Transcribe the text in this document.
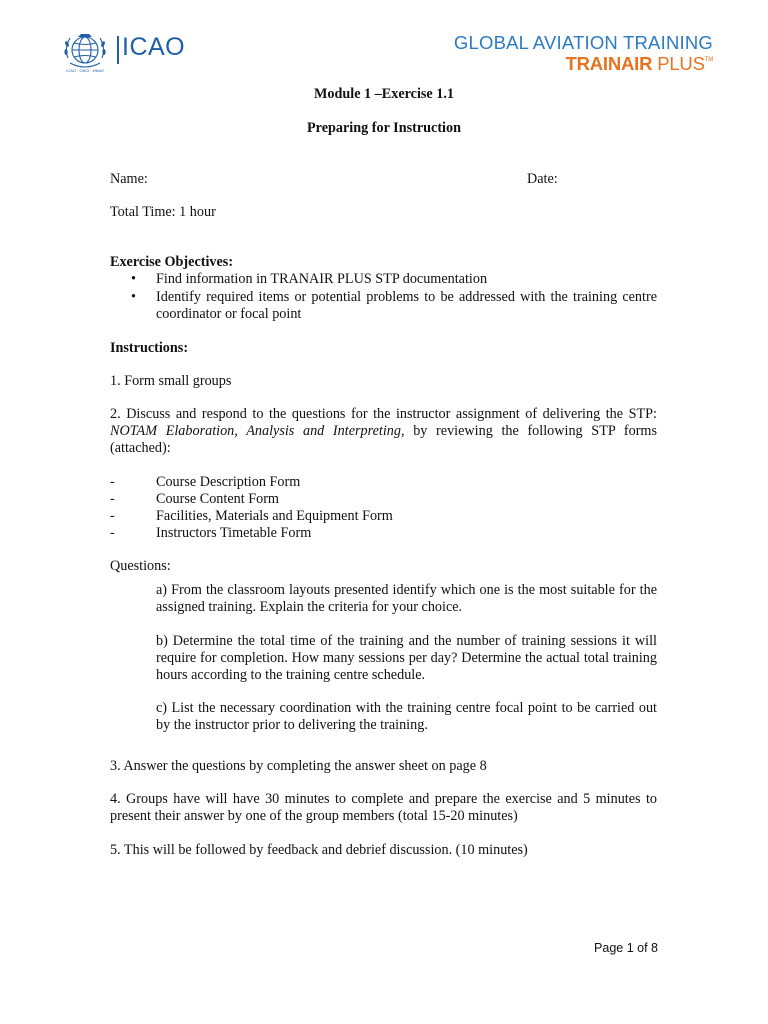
ICAO · OACI · ИКАО
ICAO	GLOBAL AVIATION TRAINING
TRAINAIR PLUS™
Module 1 –Exercise 1.1
Preparing for Instruction
Name:	Date:
Total Time: 1 hour
Exercise Objectives:
• Find information in TRANAIR PLUS STP documentation
• Identify required items or potential problems to be addressed with the training centre coordinator or focal point
Instructions:
1. Form small groups
2. Discuss and respond to the questions for the instructor assignment of delivering the STP: NOTAM Elaboration, Analysis and Interpreting, by reviewing the following STP forms (attached):
-	Course Description Form
-	Course Content Form
-	Facilities, Materials and Equipment Form
-	Instructors Timetable Form
Questions:
a) From the classroom layouts presented identify which one is the most suitable for the assigned training. Explain the criteria for your choice.
b) Determine the total time of the training and the number of training sessions it will require for completion. How many sessions per day? Determine the actual total training hours according to the training centre schedule.
c) List the necessary coordination with the training centre focal point to be carried out by the instructor prior to delivering the training.
3. Answer the questions by completing the answer sheet on page 8
4. Groups have will have 30 minutes to complete and prepare the exercise and 5 minutes to present their answer by one of the group members (total 15-20 minutes)
5. This will be followed by feedback and debrief discussion. (10 minutes)
Page 1 of 8
